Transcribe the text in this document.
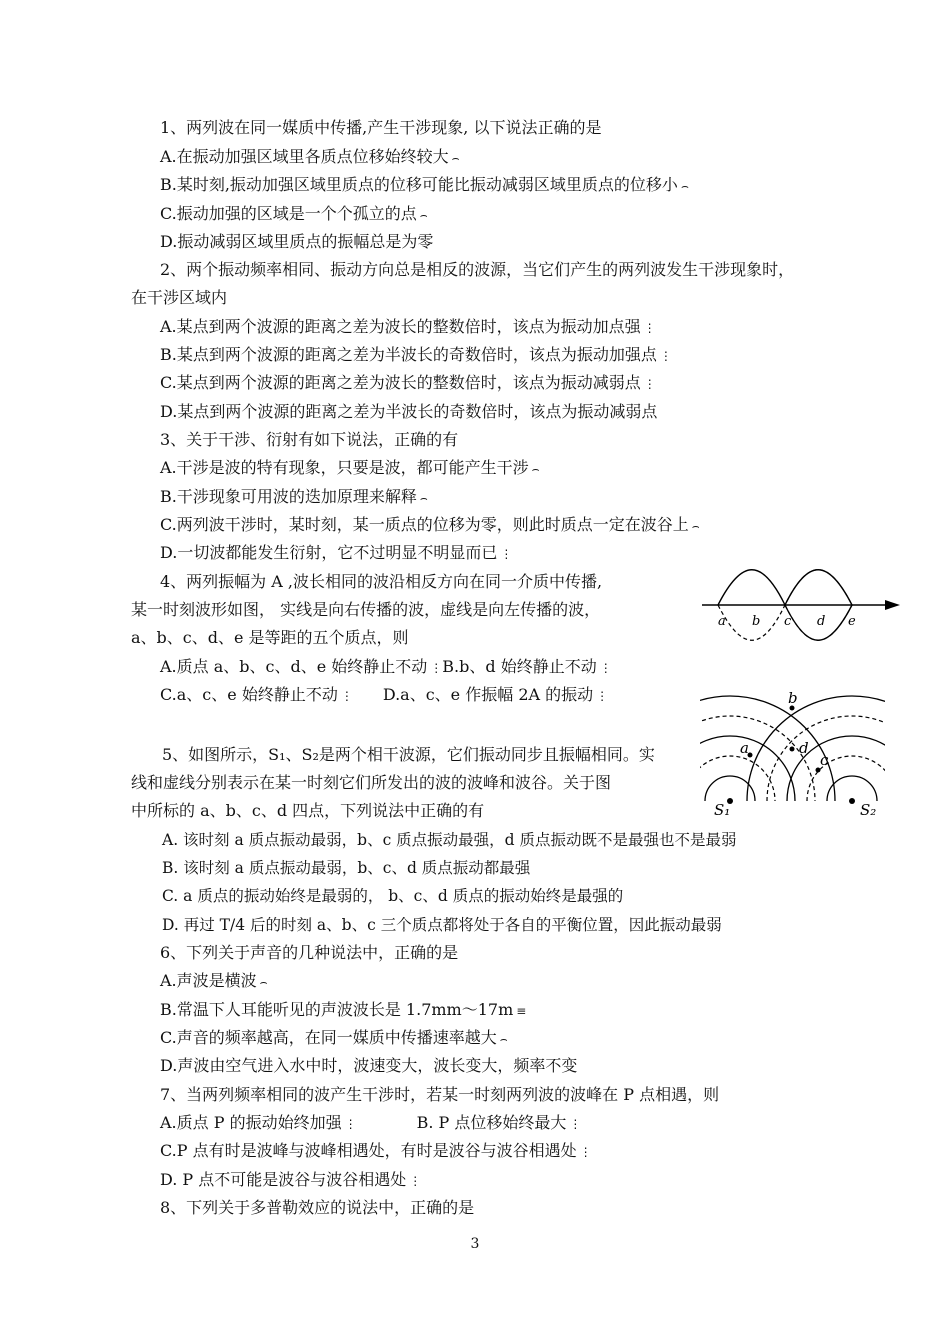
1、两列波在同一媒质中传播,产生干涉现象, 以下说法正确的是
A.在振动加强区域里各质点位移始终较大 ⌢
B.某时刻,振动加强区域里质点的位移可能比振动减弱区域里质点的位移小 ⌢
C.振动加强的区域是一个个孤立的点 ⌢
D.振动减弱区域里质点的振幅总是为零
2、两个振动频率相同、振动方向总是相反的波源，当它们产生的两列波发生干涉现象时，
在干涉区域内
A.某点到两个波源的距离之差为波长的整数倍时，该点为振动加点强 ⋮
B.某点到两个波源的距离之差为半波长的奇数倍时，该点为振动加强点 ⋮
C.某点到两个波源的距离之差为波长的整数倍时，该点为振动减弱点 ⋮
D.某点到两个波源的距离之差为半波长的奇数倍时，该点为振动减弱点
3、关于干涉、衍射有如下说法，正确的有
A.干涉是波的特有现象，只要是波，都可能产生干涉 ⌢
B.干涉现象可用波的迭加原理来解释 ⌢
C.两列波干涉时，某时刻，某一质点的位移为零，则此时质点一定在波谷上 ⌢
D.一切波都能发生衍射，它不过明显不明显而已 ⋮
4、两列振幅为 A ,波长相同的波沿相反方向在同一介质中传播,
某一时刻波形如图， 实线是向右传播的波，虚线是向左传播的波，
a、b、c、d、e 是等距的五个质点，则
A.质点 a、b、c、d、e 始终静止不动 ⋮B.b、d 始终静止不动 ⋮
C.a、c、e 始终静止不动 ⋮ D.a、c、e 作振幅 2A 的振动 ⋮
a b c d e
b
a	d
c
S₁	S₂
5、如图所示，S₁、S₂是两个相干波源，它们振动同步且振幅相同。实
线和虚线分别表示在某一时刻它们所发出的波的波峰和波谷。关于图
中所标的 a、b、c、d 四点，下列说法中正确的有
A. 该时刻 a 质点振动最弱，b、c 质点振动最强，d 质点振动既不是最强也不是最弱
B. 该时刻 a 质点振动最弱，b、c、d 质点振动都最强
C. a 质点的振动始终是最弱的， b、c、d 质点的振动始终是最强的
D. 再过 T/4 后的时刻 a、b、c 三个质点都将处于各自的平衡位置，因此振动最弱
6、下列关于声音的几种说法中，正确的是
A.声波是横波 ⌢
B.常温下人耳能听见的声波波长是 1.7mm～17m ≡
C.声音的频率越高，在同一媒质中传播速率越大 ⌢
D.声波由空气进入水中时，波速变大，波长变大，频率不变
7、当两列频率相同的波产生干涉时，若某一时刻两列波的波峰在 P 点相遇，则
A.质点 P 的振动始终加强 ⋮	B. P 点位移始终最大 ⋮
C.P 点有时是波峰与波峰相遇处，有时是波谷与波谷相遇处 ⋮
D. P 点不可能是波谷与波谷相遇处 ⋮
8、下列关于多普勒效应的说法中，正确的是
3
